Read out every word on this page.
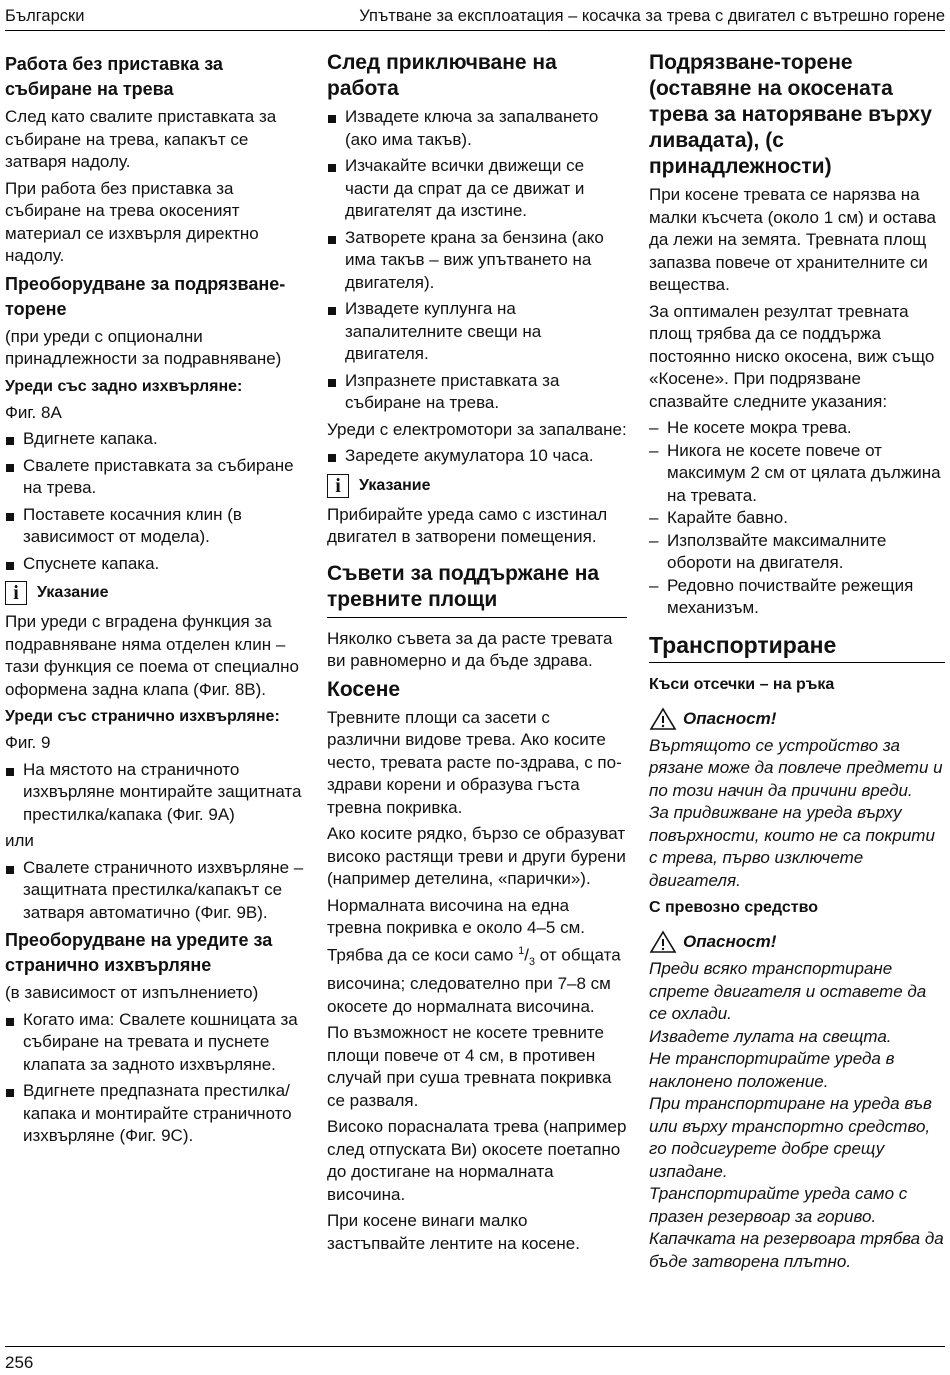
Български	Упътване за експлоатация – косачка за трева с двигател с вътрешно горене
Работа без приставка за събиране на трева

След като свалите приставката за събиране на трева, капакът се затваря надолу.

При работа без приставка за събиране на трева окосеният материал се изхвърля директно надолу.

Преоборудване за подрязване-торене

(при уреди с опционални принадлежности за подравняване)

Уреди със задно изхвърляне:

Фиг. 8A

Вдигнете капака.
Свалете приставката за събиране на трева.
Поставете косачния клин (в зависимост от модела).
Спуснете капака.
i	Указание

При уреди с вградена функция за подравняване няма отделен клин – тази функция се поема от специално оформена задна клапа (Фиг. 8B).

Уреди със странично изхвърляне:

Фиг. 9

На мястото на страничното изхвърляне монтирайте защитната престилка/капака (Фиг. 9A)

или

Свалете страничното изхвърляне – защитната престилка/капакът се затваря автоматично (Фиг. 9B).
Преоборудване на уредите за странично изхвърляне

(в зависимост от изпълнението)

Когато има: Свалете кошницата за събиране на тревата и пуснете клапата за задното изхвърляне.
Вдигнете предпазната престилка/капака и монтирайте страничното изхвърляне (Фиг. 9C).
След приключване на работа
Извадете ключа за запалването (ако има такъв).
Изчакайте всички движещи се части да спрат да се движат и двигателят да изстине.
Затворете крана за бензина (ако има такъв – виж упътването на двигателя).
Извадете куплунга на запалителните свещи на двигателя.
Изпразнете приставката за събиране на трева.

Уреди с електромотори за запалване:

Заредете акумулатора 10 часа.
i	Указание

Прибирайте уреда само с изстинал двигател в затворени помещения.

Съвети за поддържане на тревните площи

Няколко съвета за да расте тревата ви равномерно и да бъде здрава.

Косене

Тревните площи са засети с различни видове трева. Ако косите често, тревата расте по-здрава, с по-здрави корени и образува гъста тревна покривка.

Ако косите рядко, бързо се образуват високо растящи треви и други бурени (например детелина, «парички»).

Нормалната височина на една тревна покривка е около 4–5 см. Трябва да се коси само $^1/_3$ от общата височина; следователно при 7–8 см окосете до нормалната височина.

По възможност не косете тревните площи повече от 4 см, в противен случай при суша тревната покривка се разваля.

Високо порасналата трева (например след отпуската Ви) окосете поетапно до достигане на нормалната височина.

При косене винаги малко застъпвайте лентите на косене.

Подрязване-торене (оставяне на окосената трева за наторяване върху ливадата), (с принадлежности)

При косене тревата се нарязва на малки късчета (около 1 см) и остава да лежи на земята. Тревната площ запазва повече от хранителните си вещества.

За оптимален резултат тревната площ трябва да се поддържа постоянно ниско окосена, виж също «Косене». При подрязване спазвайте следните указания:

– Не косете мокра трева.
– Никога не косете повече от максимум 2 см от цялата дължина на тревата.
– Карайте бавно.
– Използвайте максималните обороти на двигателя.
– Редовно почиствайте режещия механизъм.
Транспортиране
Къси отсечки – на ръка
Опасност!

Въртящото се устройство за рязане може да повлече предмети и по този начин да причини вреди.

За придвижване на уреда върху повърхности, които не са покрити с трева, първо изключете двигателя.

С превозно средство
Опасност!

Преди всяко транспортиране спрете двигателя и оставете да се охлади.

Извадете лулата на свещта.

Не транспортирайте уреда в наклонено положение.

При транспортиране на уреда във или върху транспортно средство, го подсигурете добре срещу изпадане.

Транспортирайте уреда само с празен резервоар за гориво. Капачката на резервоара трябва да бъде затворена плътно.

256
